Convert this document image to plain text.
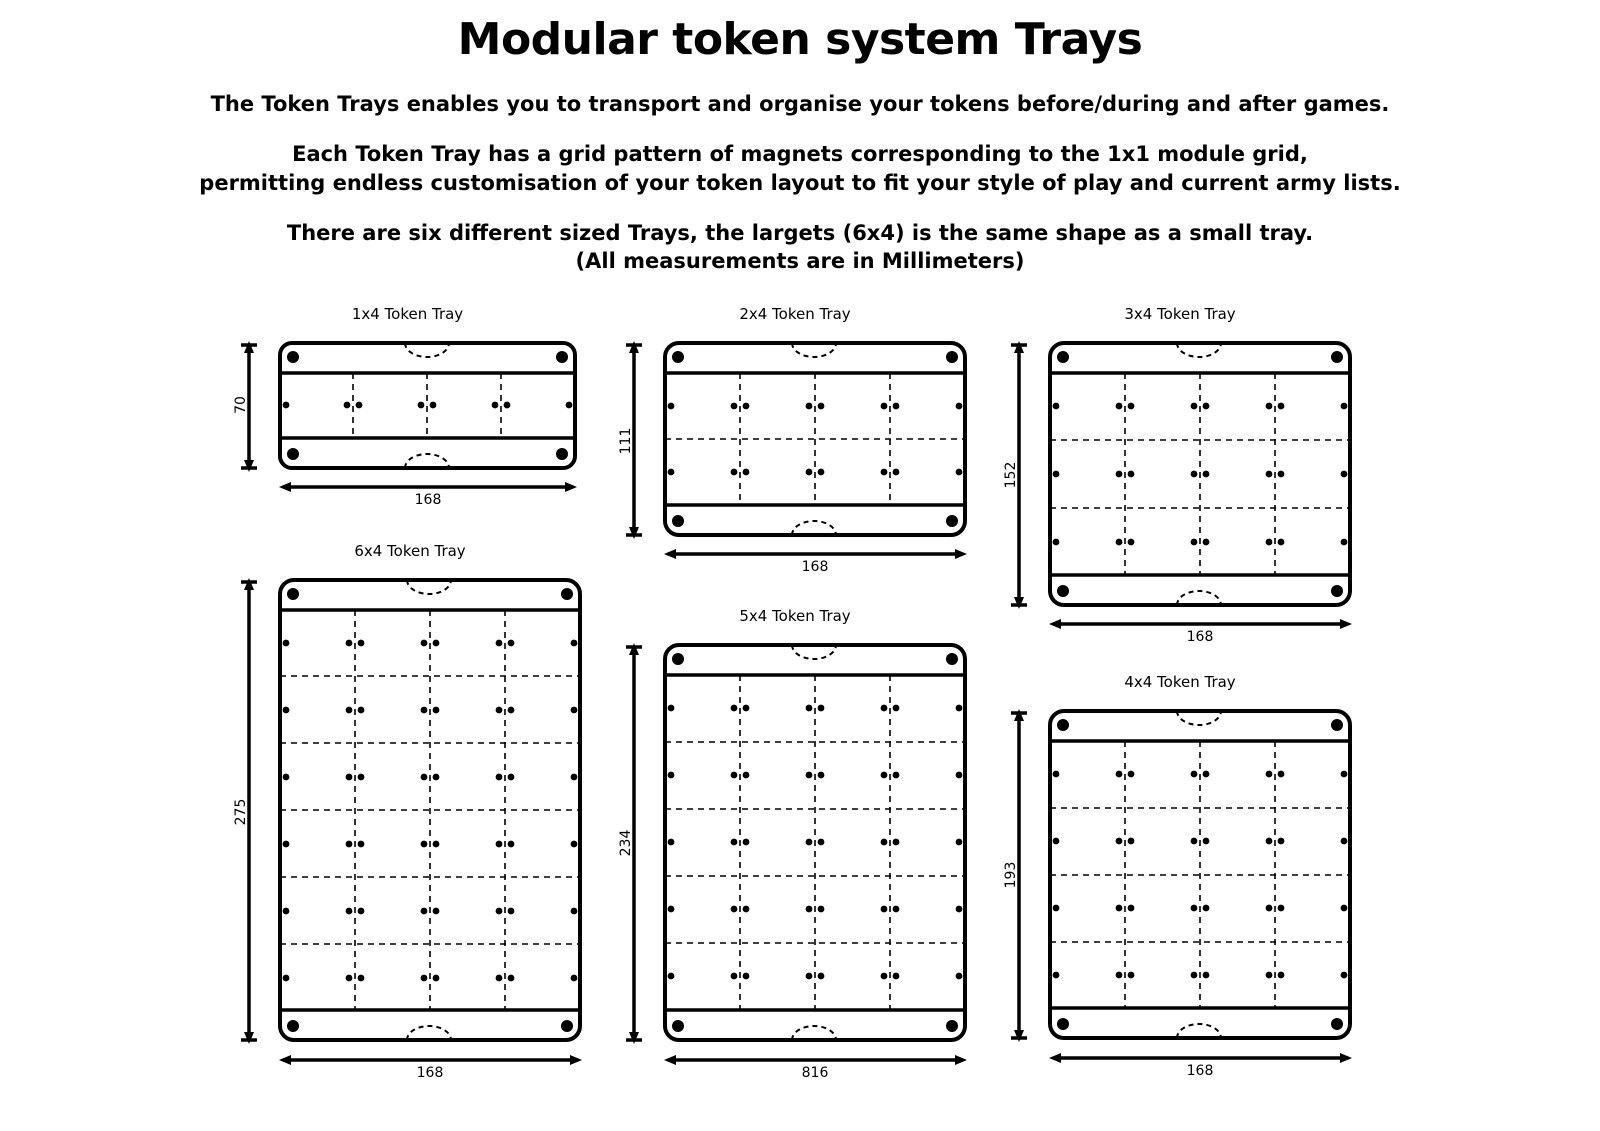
Modular token system Trays

The Token Trays enables you to transport and organise your tokens before/during and after games.

Each Token Tray has a grid pattern of magnets corresponding to the 1x1 module grid,

permitting endless customisation of your token layout to fit your style of play and current army lists.

There are six different sized Trays, the largets (6x4) is the same shape as a small tray.

(All measurements are in Millimeters)

1x4 Token Tray
70
168
2x4 Token Tray
111
168
3x4 Token Tray
152
168
6x4 Token Tray
275
168
5x4 Token Tray
234
816
4x4 Token Tray
193
168
